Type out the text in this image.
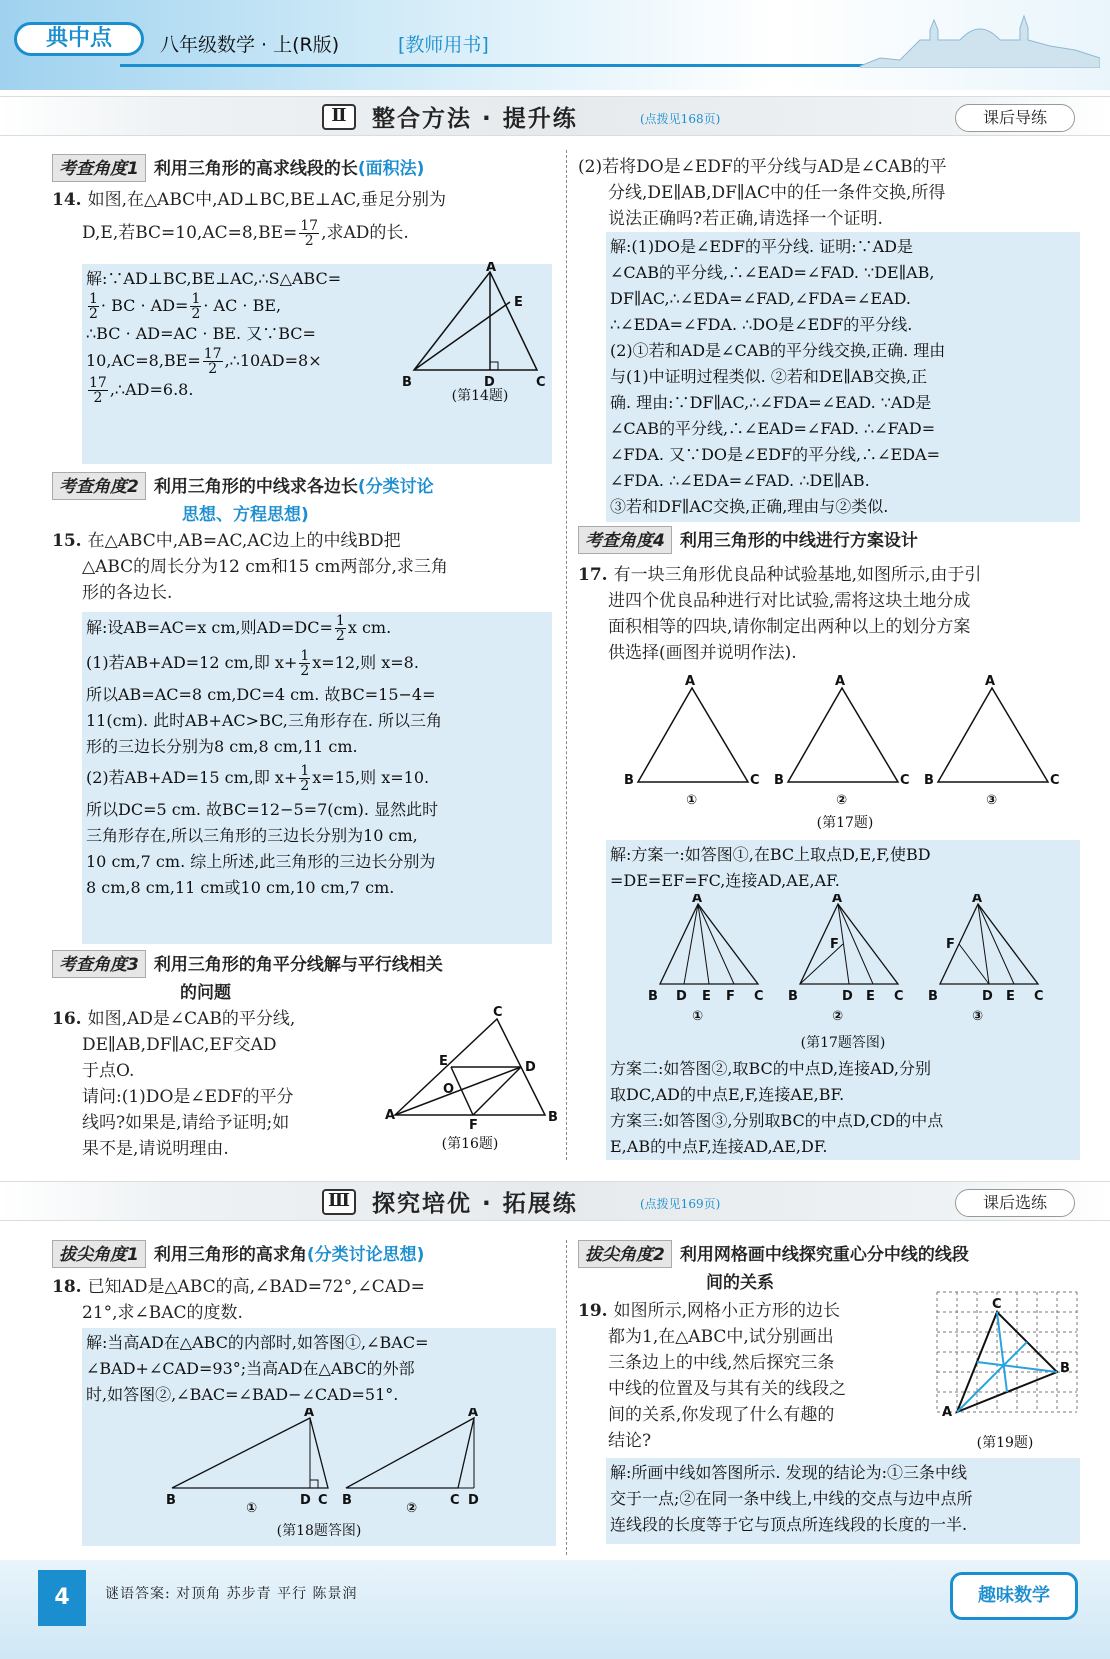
典中点	八年级数学 · 上(R版)	[教师用书]
Ⅱ	整合方法 · 提升练	(点拨见168页)	课后导练
考查角度1 利用三角形的高求线段的长(面积法)
14. 如图,在△ABC中,AD⊥BC,BE⊥AC,垂足分别为
D,E,若$BC=10,AC=8,BE= \frac{17}{2}$ ,求AD的长.
解:∵AD⊥BC,BE⊥AC,∴S△ABC=
$\frac{1}{2}$ · BC · $AD= \frac{1}{2}$ · AC · BE,
∴BC · AD=AC · BE. 又∵BC=
$10,AC=8,BE= \frac{17}{2}$ ,∴10AD=8×
$\frac{17}{2}$ ,∴AD=6.8.
A
B	C
D
E
(第14题)
考查角度2 利用三角形的中线求各边长(分类讨论
思想、方程思想)
15. 在△ABC中,AB=AC,AC边上的中线BD把
△ABC的周长分为12 cm和15 cm两部分,求三角
形的各边长.
解:设AB=AC=x cm,则$AD=DC= \frac{1}{2}$ x cm.
(1)若AB+AD=12 cm,即 $x+ \frac{1}{2} x=12$,则 x=8.
所以AB=AC=8 cm,DC=4 cm. 故BC=15−4=
11(cm). 此时AB+AC>BC,三角形存在. 所以三角
形的三边长分别为8 cm,8 cm,11 cm.
(2)若AB+AD=15 cm,即 $x+ \frac{1}{2} x=15$,则 x=10.
所以DC=5 cm. 故BC=12−5=7(cm). 显然此时
三角形存在,所以三角形的三边长分别为10 cm,
10 cm,7 cm. 综上所述,此三角形的三边长分别为
8 cm,8 cm,11 cm或10 cm,10 cm,7 cm.
考查角度3 利用三角形的角平分线解与平行线相关
的问题
16. 如图,AD是∠CAB的平分线,
DE∥AB,DF∥AC,EF交AD
于点O.
请问:(1)DO是∠EDF的平分
线吗?如果是,请给予证明;如
果不是,请说明理由.
C
D
E
O
A
F
B
(第16题)
(2)若将DO是∠EDF的平分线与AD是∠CAB的平
分线,DE∥AB,DF∥AC中的任一条件交换,所得
说法正确吗?若正确,请选择一个证明.
解:(1)DO是∠EDF的平分线. 证明:∵AD是
∠CAB的平分线,∴∠EAD=∠FAD. ∵DE∥AB,
DF∥AC,∴∠EDA=∠FAD,∠FDA=∠EAD.
∴∠EDA=∠FDA. ∴DO是∠EDF的平分线.
(2)①若和AD是∠CAB的平分线交换,正确. 理由
与(1)中证明过程类似. ②若和DE∥AB交换,正
确. 理由:∵DF∥AC,∴∠FDA=∠EAD. ∵AD是
∠CAB的平分线,∴∠EAD=∠FAD. ∴∠FAD=
∠FDA. 又∵DO是∠EDF的平分线,∴∠EDA=
∠FDA. ∴∠EDA=∠FAD. ∴DE∥AB.
③若和DF∥AC交换,正确,理由与②类似.
考查角度4 利用三角形的中线进行方案设计
17. 有一块三角形优良品种试验基地,如图所示,由于引
进四个优良品种进行对比试验,需将这块土地分成
面积相等的四块,请你制定出两种以上的划分方案
供选择(画图并说明作法).
A
B	C
①
A
B	C
②
A
B	C
③
(第17题)
解:方案一:如答图①,在BC上取点D,E,F,使BD
=DE=EF=FC,连接AD,AE,AF.
A
B D E F C
①
A
F
B	D E C
②
A
F
B	D E C
③
(第17题答图)
方案二:如答图②,取BC的中点D,连接AD,分别
取DC,AD的中点E,F,连接AE,BF.
方案三:如答图③,分别取BC的中点D,CD的中点
E,AB的中点F,连接AD,AE,DF.
Ⅲ 探究培优 · 拓展练	(点拨见169页)	课后选练
拔尖角度1 利用三角形的高求角(分类讨论思想)
18. 已知AD是△ABC的高,∠BAD=72°,∠CAD=
21°,求∠BAC的度数.
解:当高AD在△ABC的内部时,如答图①,∠BAC=
∠BAD+∠CAD=93°;当高AD在△ABC的外部
时,如答图②,∠BAC=∠BAD−∠CAD=51°.
A
B	D C
①
A
B	C D
②
(第18题答图)
拔尖角度2 利用网格画中线探究重心分中线的线段
间的关系
19. 如图所示,网格小正方形的边长
都为1,在△ABC中,试分别画出
三条边上的中线,然后探究三条
中线的位置及与其有关的线段之
间的关系,你发现了什么有趣的
结论?
C
A
B
(第19题)
解:所画中线如答图所示. 发现的结论为:①三条中线
交于一点;②在同一条中线上,中线的交点与边中点所
连线段的长度等于它与顶点所连线段的长度的一半.
4	谜语答案: 对顶角 苏步青 平行 陈景润	趣味数学
